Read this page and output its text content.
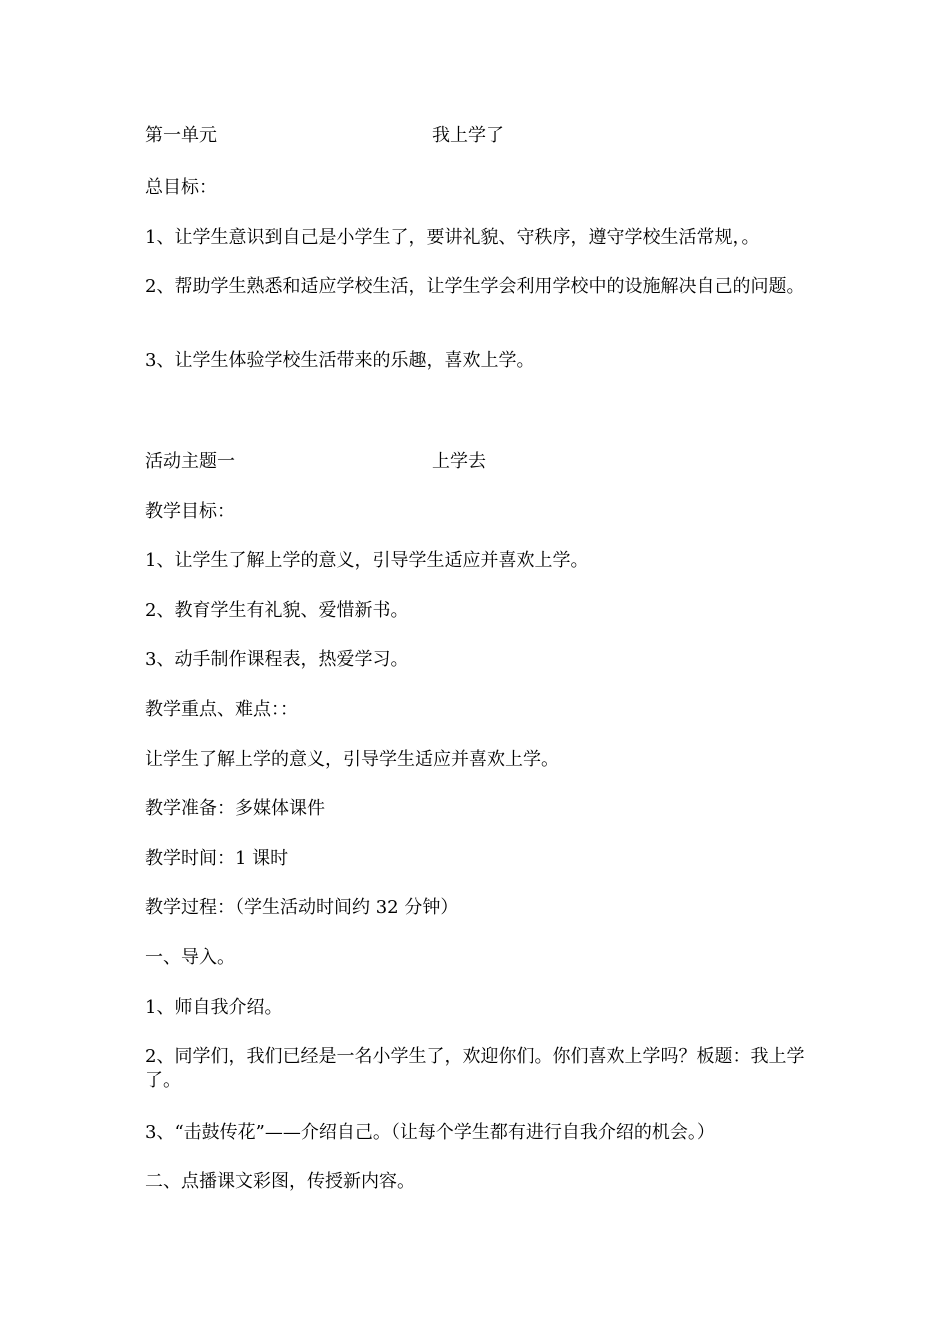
第一单元	我上学了
总目标：
1、让学生意识到自己是小学生了，要讲礼貌、守秩序，遵守学校生活常规，。
2、帮助学生熟悉和适应学校生活，让学生学会利用学校中的设施解决自己的问题。
3、让学生体验学校生活带来的乐趣，喜欢上学。
活动主题一	上学去
教学目标：
1、让学生了解上学的意义，引导学生适应并喜欢上学。
2、教育学生有礼貌、爱惜新书。
3、动手制作课程表，热爱学习。
教学重点、难点：：
让学生了解上学的意义，引导学生适应并喜欢上学。
教学准备：多媒体课件
教学时间：1 课时
教学过程：（学生活动时间约 32 分钟）
一、导入。
1、师自我介绍。
2、同学们，我们已经是一名小学生了，欢迎你们。你们喜欢上学吗？板题：我上学了。
3、“击鼓传花”——介绍自己。（让每个学生都有进行自我介绍的机会。）
二、点播课文彩图，传授新内容。
